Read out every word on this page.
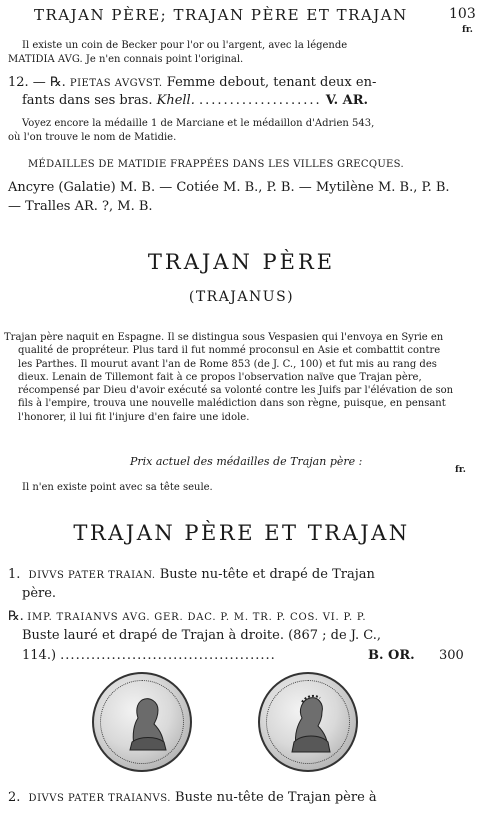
TRAJAN PÈRE; TRAJAN PÈRE ET TRAJAN	103
fr.
Il existe un coin de Becker pour l'or ou l'argent, avec la légende
MATIDIA AVG. Je n'en connais point l'original.
12. — ℞. PIETAS AVGVST. Femme debout, tenant deux en-
fants dans ses bras. Khell. .................... V. AR.
Voyez encore la médaille 1 de Marciane et le médaillon d'Adrien 543,
où l'on trouve le nom de Matidie.
MÉDAILLES DE MATIDIE FRAPPÉES DANS LES VILLES GRECQUES.
Ancyre (Galatie) M. B. — Cotiée M. B., P. B. — Mytilène M. B., P. B.
— Tralles AR. ?, M. B.
TRAJAN PÈRE
(TRAJANUS)
Trajan père naquit en Espagne. Il se distingua sous Vespasien qui l'envoya en Syrie en
qualité de propréteur. Plus tard il fut nommé proconsul en Asie et combattit contre
les Parthes. Il mourut avant l'an de Rome 853 (de J. C., 100) et fut mis au rang des
dieux. Lenain de Tillemont fait à ce propos l'observation naïve que Trajan père,
récompensé par Dieu d'avoir exécuté sa volonté contre les Juifs par l'élévation de son
fils à l'empire, trouva une nouvelle malédiction dans son règne, puisque, en pensant
l'honorer, il lui fit l'injure d'en faire une idole.
Prix actuel des médailles de Trajan père :
fr.
Il n'en existe point avec sa tête seule.
TRAJAN PÈRE ET TRAJAN
1. DIVVS PATER TRAIAN. Buste nu-tête et drapé de Trajan
père.
℞. IMP. TRAIANVS AVG. GER. DAC. P. M. TR. P. COS. VI. P. P.
Buste lauré et drapé de Trajan à droite. (867 ; de J. C.,
114.) ..........................................	B. OR. 300
2. DIVVS PATER TRAIANVS. Buste nu-tête de Trajan père à
